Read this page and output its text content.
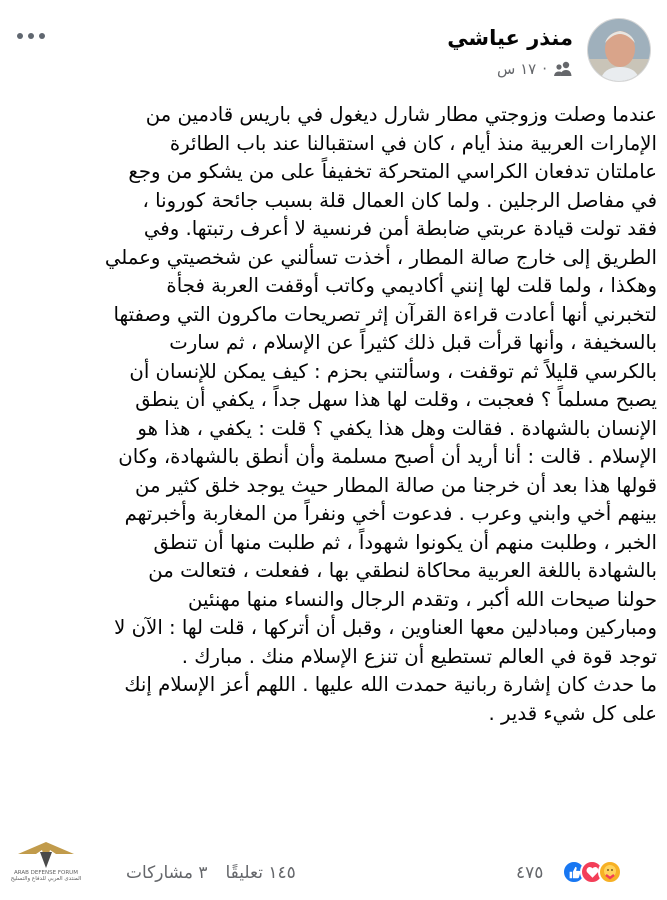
منذر عياشي
١٧ س ·
عندما وصلت وزوجتي مطار شارل ديغول في باريس قادمين من
الإمارات العربية منذ أيام ، كان في استقبالنا عند باب الطائرة
عاملتان تدفعان الكراسي المتحركة تخفيفاً على من يشكو من وجع
في مفاصل الرجلين . ولما كان العمال قلة بسبب جائحة كورونا ،
فقد تولت قيادة عربتي ضابطة أمن فرنسية لا أعرف رتبتها. وفي
الطريق إلى خارج صالة المطار ، أخذت تسألني عن شخصيتي وعملي
وهكذا ، ولما قلت لها إنني أكاديمي وكاتب أوقفت العربة فجأة
لتخبرني أنها أعادت قراءة القرآن إثر تصريحات ماكرون التي وصفتها
بالسخيفة ، وأنها قرأت قبل ذلك كثيراً عن الإسلام ، ثم سارت
بالكرسي قليلاً ثم توقفت ، وسألتني بحزم : كيف يمكن للإنسان أن
يصبح مسلماً ؟ فعجبت ، وقلت لها هذا سهل جداً ، يكفي أن ينطق
الإنسان بالشهادة . فقالت وهل هذا يكفي ؟ قلت : يكفي ، هذا هو
الإسلام . قالت : أنا أريد أن أصبح مسلمة وأن أنطق بالشهادة، وكان
قولها هذا بعد أن خرجنا من صالة المطار حيث يوجد خلق كثير من
بينهم أخي وابني وعرب . فدعوت أخي ونفراً من المغاربة وأخبرتهم
الخبر ، وطلبت منهم أن يكونوا شهوداً ، ثم طلبت منها أن تنطق
بالشهادة باللغة العربية محاكاة لنطقي بها ، ففعلت ، فتعالت من
حولنا صيحات الله أكبر ، وتقدم الرجال والنساء منها مهنئين
ومباركين ومبادلين معها العناوين ، وقبل أن أتركها ، قلت لها : الآن لا
توجد قوة في العالم تستطيع أن تنزع الإسلام منك . مبارك .
ما حدث كان إشارة ربانية حمدت الله عليها . اللهم أعز الإسلام إنك
على كل شيء قدير .
٤٧٥
١٤٥ تعليقًا
٣ مشاركات
ARAB DEFENSE FORUM
المنتدى العربي للدفاع والتسليح
